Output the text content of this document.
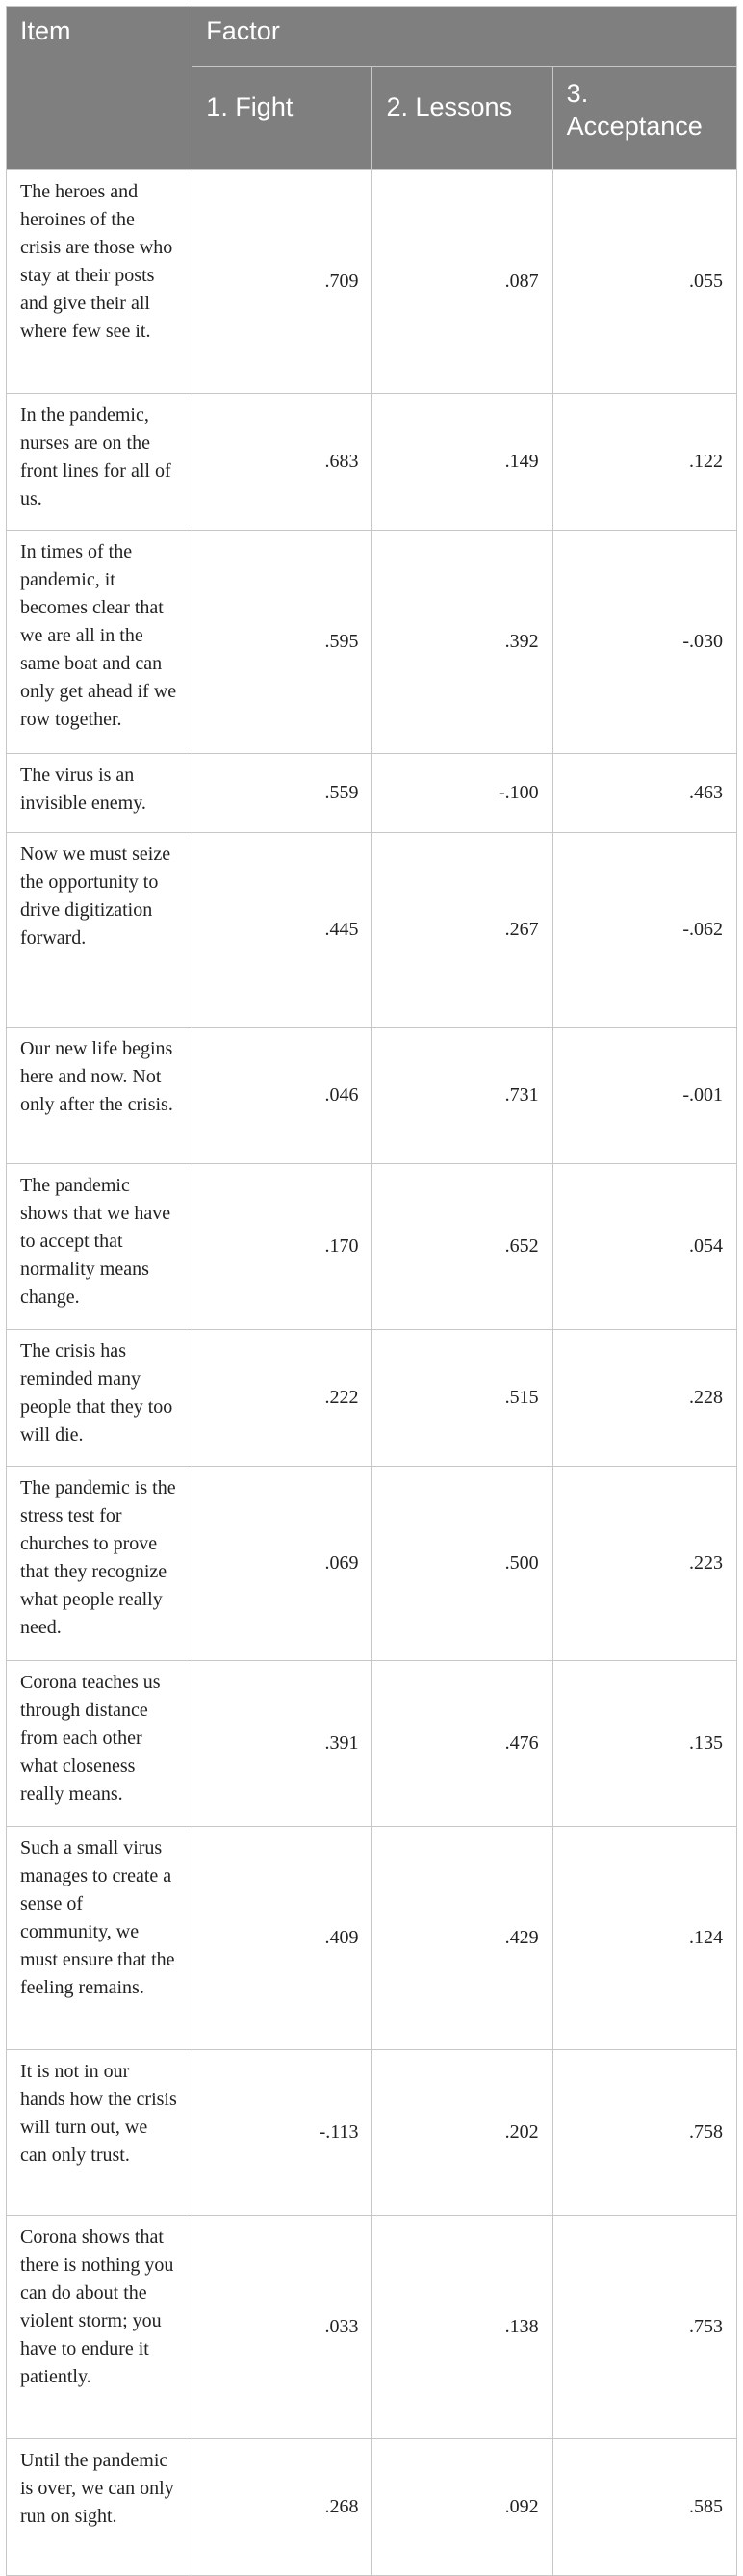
Item	Factor		
	1. Fight	2. Lessons	3. Acceptance
The heroes and heroines of the crisis are those who stay at their posts and give their all where few see it.	.709	.087	.055
In the pandemic, nurses are on the front lines for all of us.	.683	.149	.122
In times of the pandemic, it becomes clear that we are all in the same boat and can only get ahead if we row together.	.595	.392	-.030
The virus is an invisible enemy.	.559	-.100	.463
Now we must seize the opportunity to drive digitization forward.	.445	.267	-.062
Our new life begins here and now. Not only after the crisis.	.046	.731	-.001
The pandemic shows that we have to accept that normality means change.	.170	.652	.054
The crisis has reminded many people that they too will die.	.222	.515	.228
The pandemic is the stress test for churches to prove that they recognize what people really need.	.069	.500	.223
Corona teaches us through distance from each other what closeness really means.	.391	.476	.135
Such a small virus manages to create a sense of community, we must ensure that the feeling remains.	.409	.429	.124
It is not in our hands how the crisis will turn out, we can only trust.	-.113	.202	.758
Corona shows that there is nothing you can do about the violent storm; you have to endure it patiently.	.033	.138	.753
Until the pandemic is over, we can only run on sight.	.268	.092	.585
